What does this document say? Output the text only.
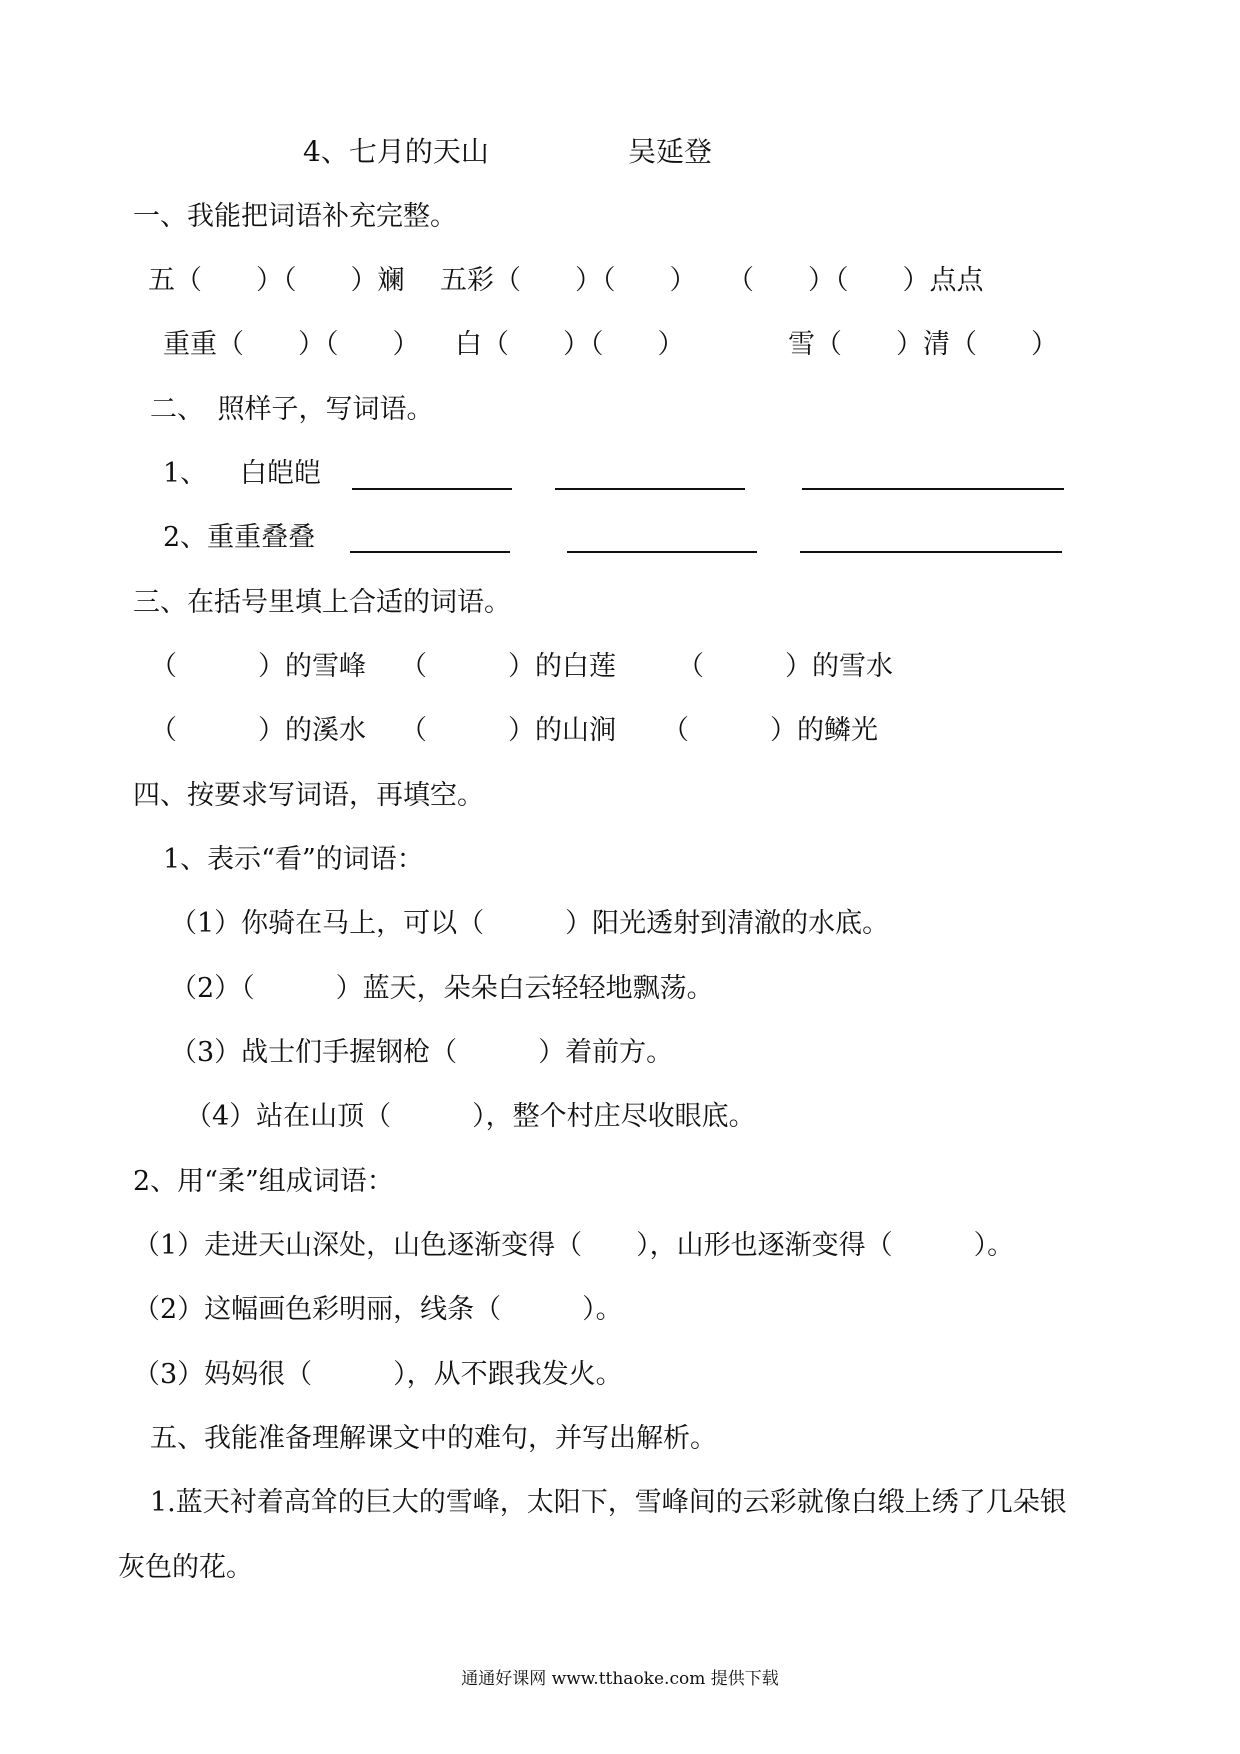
4、七月的天山	吴延登
一、我能把词语补充完整。
五（　　）（　　）斓 五彩（　　）（　　） （　　）（　　）点点
重重（　　）（　　） 白（　　）（　　）	雪（　　）清（　　）
二、　照样子，写词语。
1、 白皑皑
2、重重叠叠
三、在括号里填上合适的词语。
（　　　）的雪峰 （　　　）的白莲 （　　　）的雪水
（　　　）的溪水 （　　　）的山涧 （　　　）的鳞光
四、按要求写词语，再填空。
1、表示“看”的词语：
（1）你骑在马上，可以（　　　）阳光透射到清澈的水底。
（2）（　　　）蓝天，朵朵白云轻轻地飘荡。
（3）战士们手握钢枪（　　　）着前方。
（4）站在山顶（　　　），整个村庄尽收眼底。
2、用“柔”组成词语：
（1）走进天山深处，山色逐渐变得（　　），山形也逐渐变得（　　　）。
（2）这幅画色彩明丽，线条（　　　）。
（3）妈妈很（　　　），从不跟我发火。
五、我能准备理解课文中的难句，并写出解析。
1.蓝天衬着高耸的巨大的雪峰，太阳下，雪峰间的云彩就像白缎上绣了几朵银
灰色的花。
通通好课网 www.tthaoke.com 提供下载
